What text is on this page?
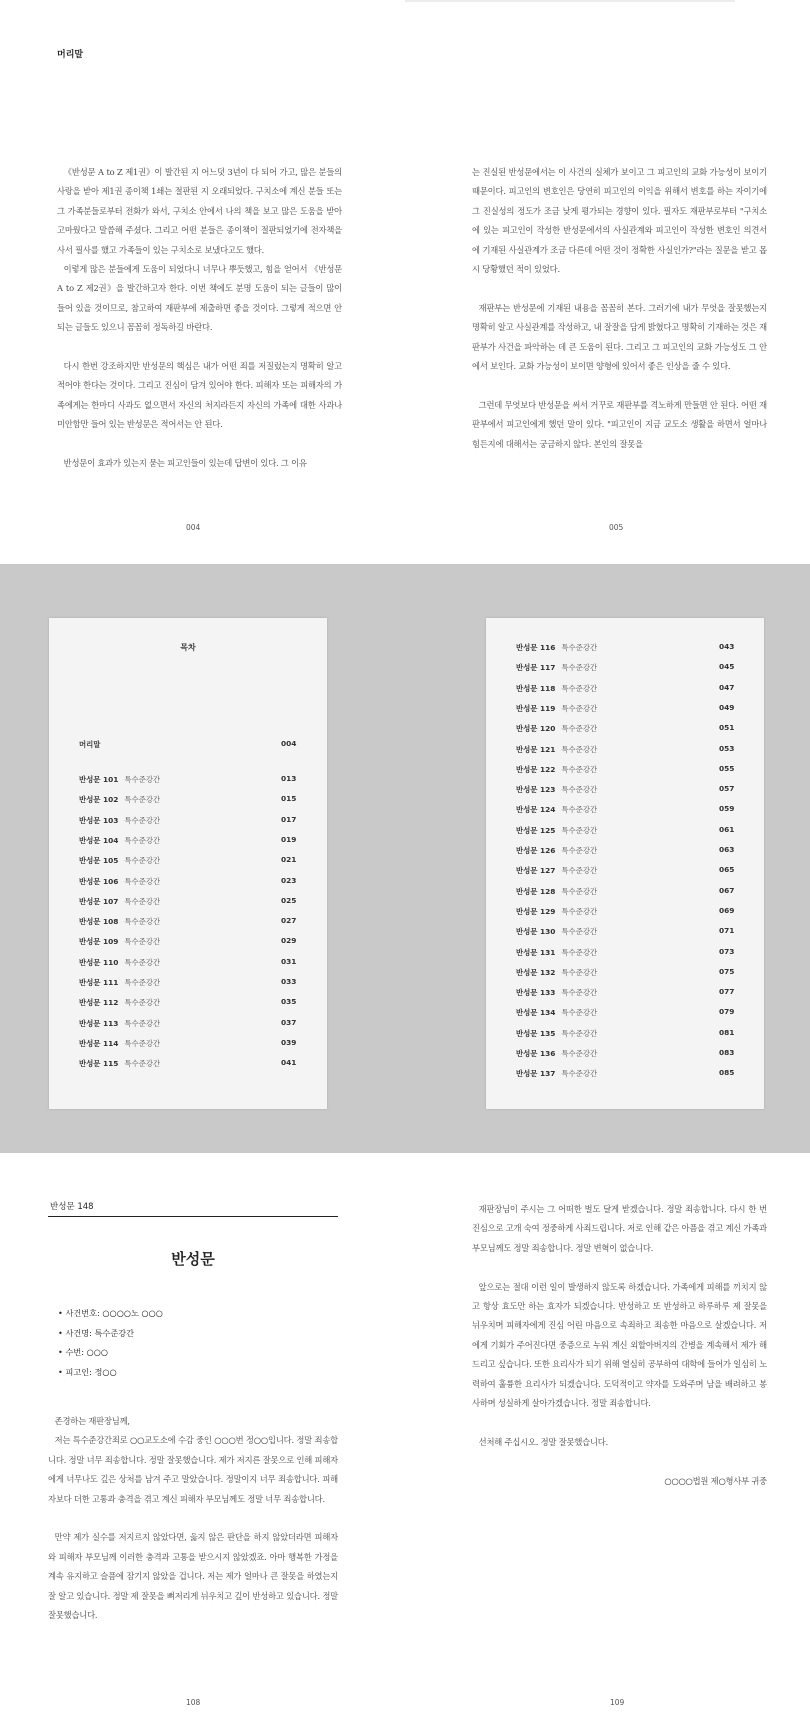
머리말

《반성문 A to Z 제1권》이 발간된 지 어느덧 3년이 다 되어 가고, 많은 분들의 사랑을 받아 제1권 종이책 1쇄는 절판된 지 오래되었다. 구치소에 계신 분들 또는 그 가족분들로부터 전화가 와서, 구치소 안에서 나의 책을 보고 많은 도움을 받아 고마웠다고 말씀해 주셨다. 그리고 어떤 분들은 종이책이 절판되었기에 전자책을 사서 필사를 했고 가족들이 있는 구치소로 보냈다고도 했다.

이렇게 많은 분들에게 도움이 되었다니 너무나 뿌듯했고, 힘을 얻어서 《반성문 A to Z 제2권》을 발간하고자 한다. 이번 책에도 분명 도움이 되는 글들이 많이 들어 있을 것이므로, 참고하여 재판부에 제출하면 좋을 것이다. 그렇게 적으면 안 되는 글들도 있으니 꼼꼼히 정독하길 바란다.

다시 한번 강조하지만 반성문의 핵심은 내가 어떤 죄를 저질렀는지 명확히 알고 적어야 한다는 것이다. 그리고 진심이 담겨 있어야 한다. 피해자 또는 피해자의 가족에게는 한마디 사과도 없으면서 자신의 처지라든지 자신의 가족에 대한 사과나 미안함만 들어 있는 반성문은 적어서는 안 된다.

반성문이 효과가 있는지 묻는 피고인들이 있는데 답변이 있다. 그 이유

004

는 진실된 반성문에서는 이 사건의 실체가 보이고 그 피고인의 교화 가능성이 보이기 때문이다. 피고인의 변호인은 당연히 피고인의 이익을 위해서 변호를 하는 자이기에 그 진실성의 정도가 조금 낮게 평가되는 경향이 있다. 필자도 재판부로부터 "구치소에 있는 피고인이 작성한 반성문에서의 사실관계와 피고인이 작성한 변호인 의견서에 기재된 사실관계가 조금 다른데 어떤 것이 정확한 사실인가?"라는 질문을 받고 몹시 당황했던 적이 있었다.

재판부는 반성문에 기재된 내용을 꼼꼼히 본다. 그러기에 내가 무엇을 잘못했는지 명확히 알고 사실관계를 작성하고, 내 잘잘을 담게 밝혔다고 명확히 기재하는 것은 재판부가 사건을 파악하는 데 큰 도움이 된다. 그리고 그 피고인의 교화 가능성도 그 안에서 보인다. 교화 가능성이 보이면 양형에 있어서 좋은 인상을 줄 수 있다.

그런데 무엇보다 반성문을 써서 거꾸로 재판부를 격노하게 만들면 안 된다. 어떤 재판부에서 피고인에게 했던 말이 있다. "피고인이 지금 교도소 생활을 하면서 얼마나 힘든지에 대해서는 궁금하지 않다. 본인의 잘못을

005
목차
머리말	004
반성문 101 특수준강간	013
반성문 102 특수준강간	015
반성문 103 특수준강간	017
반성문 104 특수준강간	019
반성문 105 특수준강간	021
반성문 106 특수준강간	023
반성문 107 특수준강간	025
반성문 108 특수준강간	027
반성문 109 특수준강간	029
반성문 110 특수준강간	031
반성문 111 특수준강간	033
반성문 112 특수준강간	035
반성문 113 특수준강간	037
반성문 114 특수준강간	039
반성문 115 특수준강간	041
반성문 116 특수준강간	043
반성문 117 특수준강간	045
반성문 118 특수준강간	047
반성문 119 특수준강간	049
반성문 120 특수준강간	051
반성문 121 특수준강간	053
반성문 122 특수준강간	055
반성문 123 특수준강간	057
반성문 124 특수준강간	059
반성문 125 특수준강간	061
반성문 126 특수준강간	063
반성문 127 특수준강간	065
반성문 128 특수준강간	067
반성문 129 특수준강간	069
반성문 130 특수준강간	071
반성문 131 특수준강간	073
반성문 132 특수준강간	075
반성문 133 특수준강간	077
반성문 134 특수준강간	079
반성문 135 특수준강간	081
반성문 136 특수준강간	083
반성문 137 특수준강간	085
반성문 148
반성문
• 사건번호: ○○○○노 ○○○
• 사건명: 특수준강간
• 수번: ○○○
• 피고인: 정○○

존경하는 재판장님께,

저는 특수준강간죄로 ○○교도소에 수감 중인 ○○○번 정○○입니다. 정말 죄송합니다. 정말 너무 죄송합니다. 정말 잘못했습니다. 제가 저지른 잘못으로 인해 피해자에게 너무나도 깊은 상처를 남겨 주고 말았습니다. 정말이지 너무 죄송합니다. 피해자보다 더한 고통과 충격을 겪고 계신 피해자 부모님께도 정말 너무 죄송합니다.

만약 제가 실수를 저지르지 않았다면, 옳지 않은 판단을 하지 않았더라면 피해자와 피해자 부모님께 이러한 충격과 고통을 받으시지 않았겠죠. 아마 행복한 가정을 계속 유지하고 슬픔에 잠기지 않았을 겁니다. 저는 제가 얼마나 큰 잘못을 하였는지 잘 알고 있습니다. 정말 제 잘못을 뼈저리게 뉘우치고 깊이 반성하고 있습니다. 정말 잘못했습니다.

108

재판장님이 주시는 그 어떠한 벌도 달게 받겠습니다. 정말 죄송합니다. 다시 한 번 진심으로 고개 숙여 정중하게 사죄드립니다. 저로 인해 같은 아픔을 겪고 계신 가족과 부모님께도 정말 죄송합니다. 정말 변혁이 없습니다.

앞으로는 절대 이런 일이 발생하지 않도록 하겠습니다. 가족에게 피해를 끼치지 않고 항상 효도만 하는 효자가 되겠습니다. 반성하고 또 반성하고 하루하루 제 잘못을 뉘우치며 피해자에게 진심 어린 마음으로 속죄하고 죄송한 마음으로 살겠습니다. 저에게 기회가 주어진다면 중증으로 누워 계신 외할아버지의 간병을 계속해서 제가 해 드리고 싶습니다. 또한 요리사가 되기 위해 열심히 공부하여 대학에 들어가 일심히 노력하여 훌륭한 요리사가 되겠습니다. 도덕적이고 약자를 도와주며 남을 배려하고 봉사하며 성실하게 살아가겠습니다. 정말 죄송합니다.

선처해 주십시오. 정말 잘못했습니다.

○○○○법원 제○형사부 귀중

109
